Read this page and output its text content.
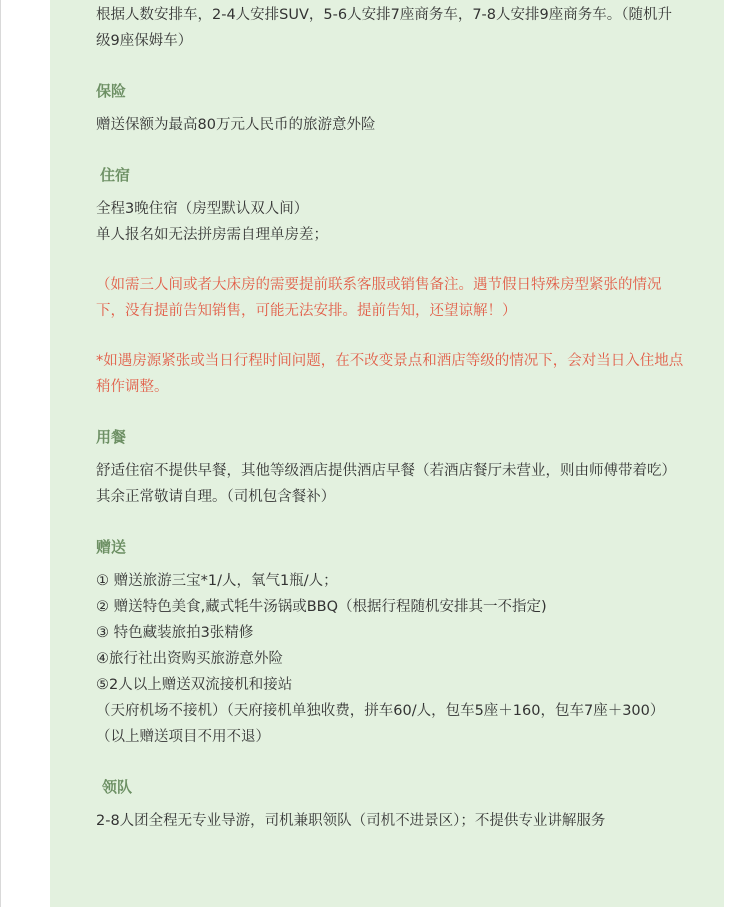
根据人数安排车，2-4人安排SUV，5-6人安排7座商务车，7-8人安排9座商务车。（随机升级9座保姆车）

保险

赠送保额为最高80万元人民币的旅游意外险

住宿

全程3晚住宿（房型默认双人间）

单人报名如无法拼房需自理单房差；

（如需三人间或者大床房的需要提前联系客服或销售备注。遇节假日特殊房型紧张的情况下，没有提前告知销售，可能无法安排。提前告知，还望谅解！）

*如遇房源紧张或当日行程时间问题，在不改变景点和酒店等级的情况下，会对当日入住地点稍作调整。

用餐

舒适住宿不提供早餐，其他等级酒店提供酒店早餐（若酒店餐厅未营业，则由师傅带着吃）其余正常敬请自理。（司机包含餐补）

赠送

① 赠送旅游三宝*1/人，氧气1瓶/人；

② 赠送特色美食,藏式牦牛汤锅或BBQ（根据行程随机安排其一不指定)

③ 特色藏装旅拍3张精修

④旅行社出资购买旅游意外险

⑤2人以上赠送双流接机和接站

（天府机场不接机）（天府接机单独收费，拼车60/人，包车5座＋160，包车7座＋300）

（以上赠送项目不用不退）

领队

2-8人团全程无专业导游，司机兼职领队（司机不进景区）；不提供专业讲解服务
